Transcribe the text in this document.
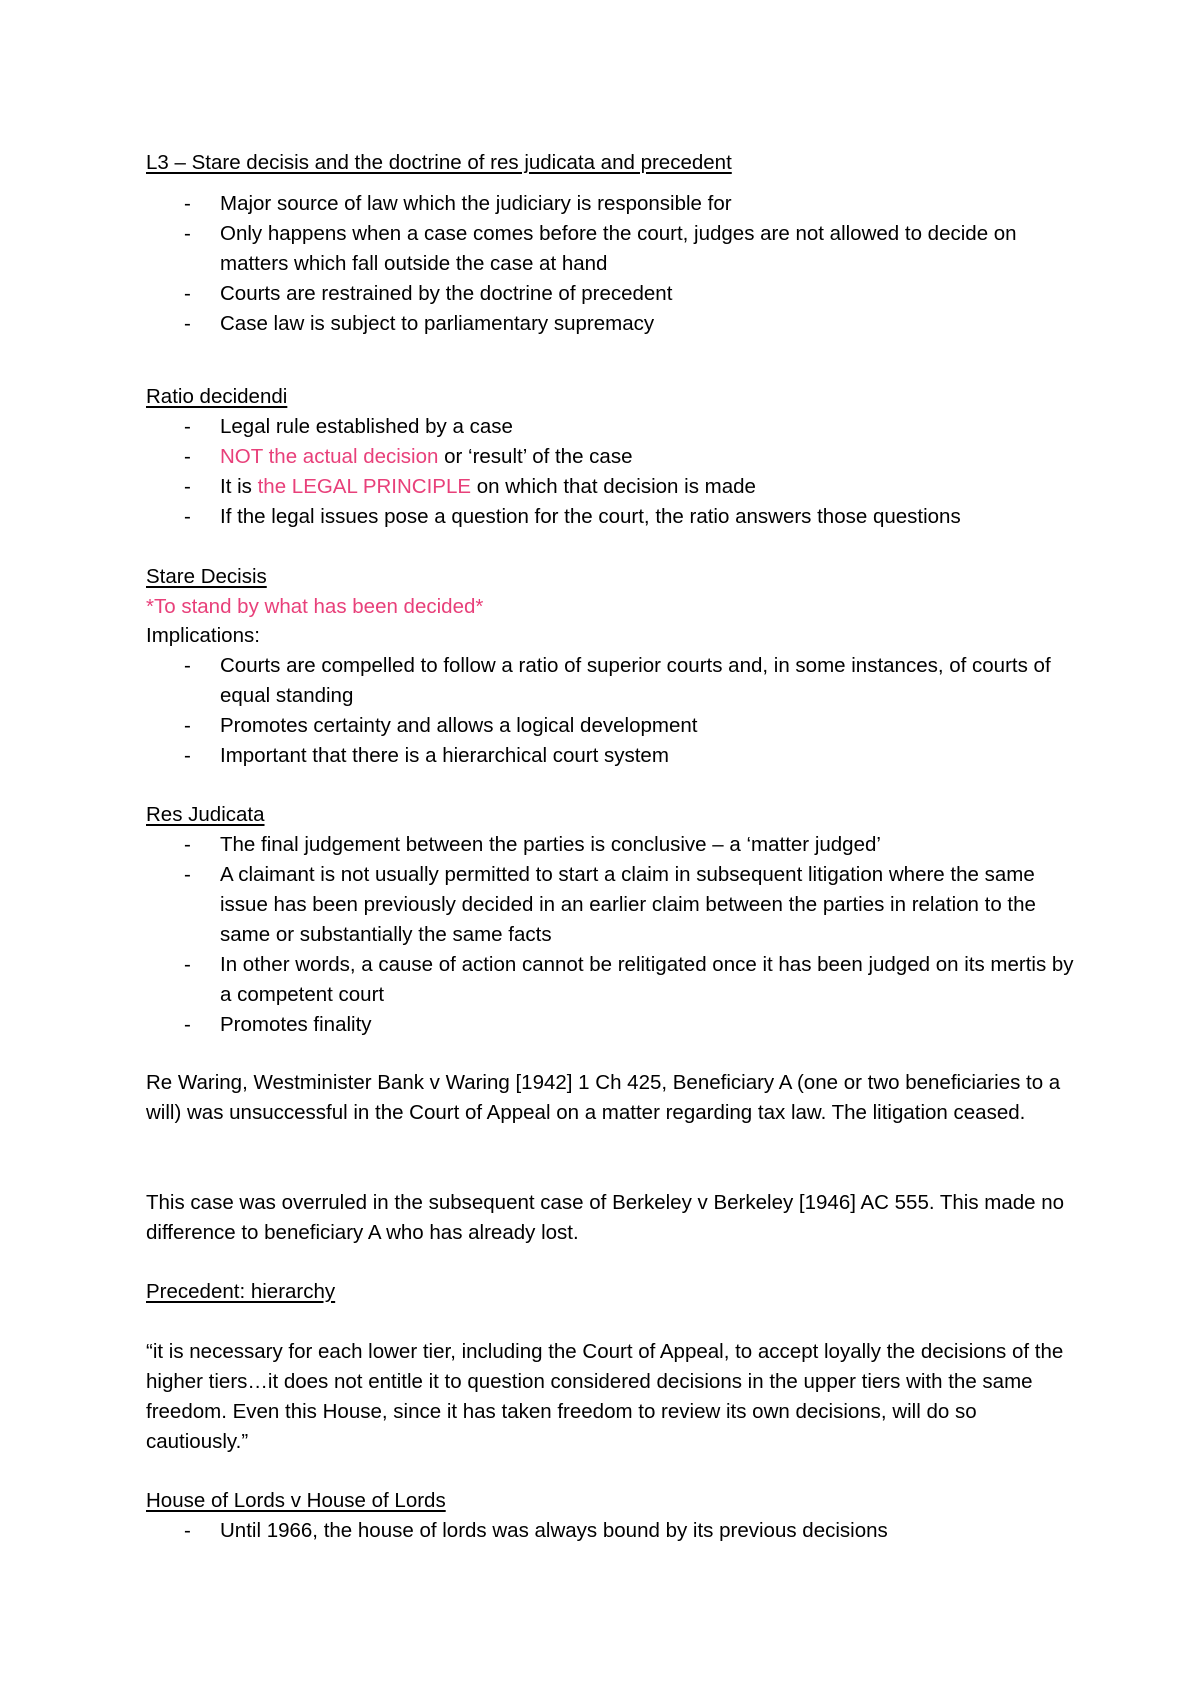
L3 – Stare decisis and the doctrine of res judicata and precedent

- Major source of law which the judiciary is responsible for
- Only happens when a case comes before the court, judges are not allowed to decide on matters which fall outside the case at hand
- Courts are restrained by the doctrine of precedent
- Case law is subject to parliamentary supremacy

Ratio decidendi

- Legal rule established by a case
- NOT the actual decision or ‘result’ of the case
- It is the LEGAL PRINCIPLE on which that decision is made
- If the legal issues pose a question for the court, the ratio answers those questions

Stare Decisis

*To stand by what has been decided*

Implications:

- Courts are compelled to follow a ratio of superior courts and, in some instances, of courts of equal standing
- Promotes certainty and allows a logical development
- Important that there is a hierarchical court system

Res Judicata

- The final judgement between the parties is conclusive – a ‘matter judged’
- A claimant is not usually permitted to start a claim in subsequent litigation where the same issue has been previously decided in an earlier claim between the parties in relation to the same or substantially the same facts
- In other words, a cause of action cannot be relitigated once it has been judged on its mertis by a competent court
- Promotes finality

Re Waring, Westminister Bank v Waring [1942] 1 Ch 425, Beneficiary A (one or two beneficiaries to a will) was unsuccessful in the Court of Appeal on a matter regarding tax law. The litigation ceased.

This case was overruled in the subsequent case of Berkeley v Berkeley [1946] AC 555. This made no difference to beneficiary A who has already lost.

Precedent: hierarchy

“it is necessary for each lower tier, including the Court of Appeal, to accept loyally the decisions of the higher tiers…it does not entitle it to question considered decisions in the upper tiers with the same freedom. Even this House, since it has taken freedom to review its own decisions, will do so cautiously.”

House of Lords v House of Lords

- Until 1966, the house of lords was always bound by its previous decisions
